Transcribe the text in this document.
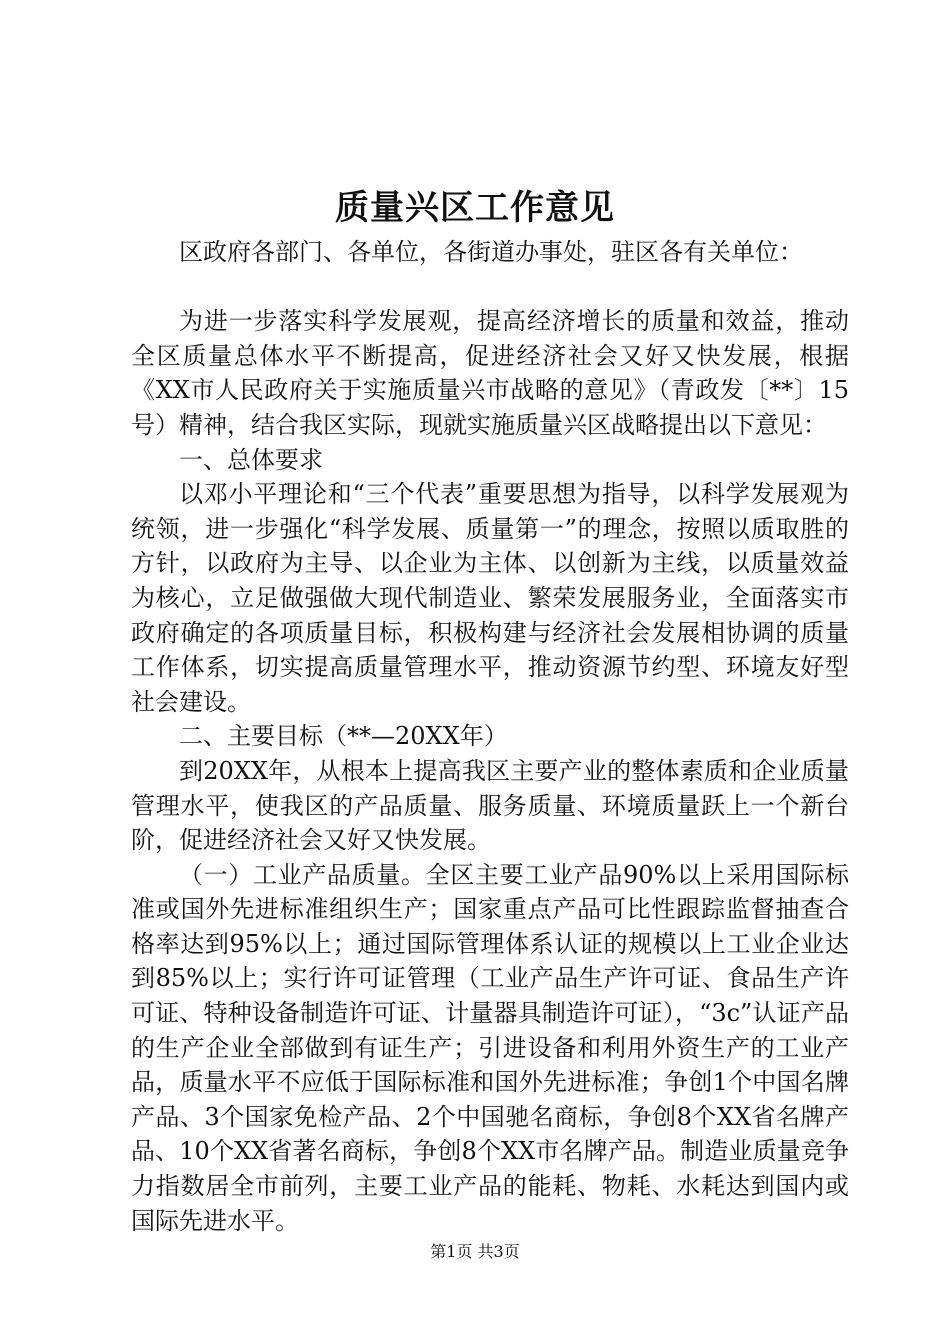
质量兴区工作意见

区政府各部门、各单位，各街道办事处，驻区各有关单位：

为进一步落实科学发展观，提高经济增长的质量和效益，推动全区质量总体水平不断提高，促进经济社会又好又快发展，根据《XX市人民政府关于实施质量兴市战略的意见》（青政发〔**〕15号）精神，结合我区实际，现就实施质量兴区战略提出以下意见：

一、总体要求

以邓小平理论和“三个代表”重要思想为指导，以科学发展观为统领，进一步强化“科学发展、质量第一”的理念，按照以质取胜的方针，以政府为主导、以企业为主体、以创新为主线，以质量效益为核心，立足做强做大现代制造业、繁荣发展服务业，全面落实市政府确定的各项质量目标，积极构建与经济社会发展相协调的质量工作体系，切实提高质量管理水平，推动资源节约型、环境友好型社会建设。

二、主要目标（**—20XX年）

到20XX年，从根本上提高我区主要产业的整体素质和企业质量管理水平，使我区的产品质量、服务质量、环境质量跃上一个新台阶，促进经济社会又好又快发展。

（一）工业产品质量。全区主要工业产品90%以上采用国际标准或国外先进标准组织生产；国家重点产品可比性跟踪监督抽查合格率达到95%以上；通过国际管理体系认证的规模以上工业企业达到85%以上；实行许可证管理（工业产品生产许可证、食品生产许可证、特种设备制造许可证、计量器具制造许可证），“3c”认证产品的生产企业全部做到有证生产；引进设备和利用外资生产的工业产品，质量水平不应低于国际标准和国外先进标准；争创1个中国名牌产品、3个国家免检产品、2个中国驰名商标，争创8个XX省名牌产品、10个XX省著名商标，争创8个XX市名牌产品。制造业质量竞争力指数居全市前列，主要工业产品的能耗、物耗、水耗达到国内或国际先进水平。

第1页 共3页
